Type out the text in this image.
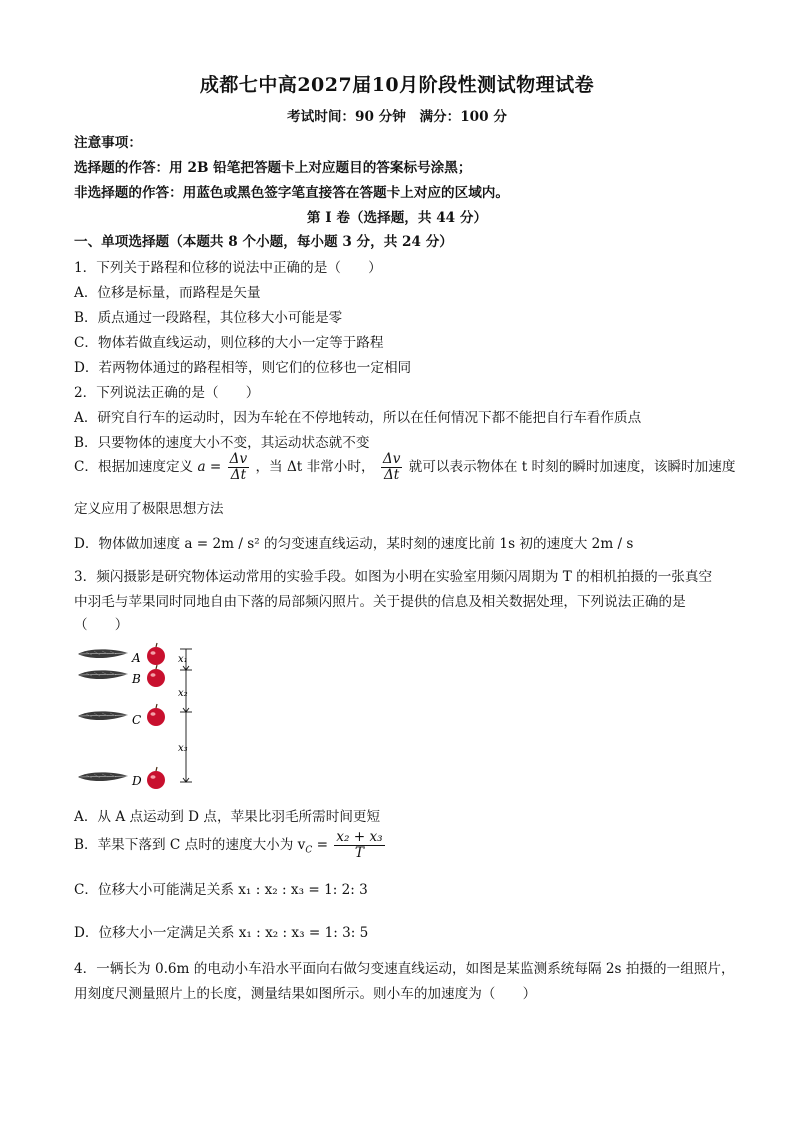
成都七中高2027届10月阶段性测试物理试卷
考试时间：90 分钟　满分：100 分
注意事项：
选择题的作答：用 2B 铅笔把答题卡上对应题目的答案标号涂黑；
非选择题的作答：用蓝色或黑色签字笔直接答在答题卡上对应的区域内。
第 I 卷（选择题，共 44 分）
一、单项选择题（本题共 8 个小题，每小题 3 分，共 24 分）
1．下列关于路程和位移的说法中正确的是（　　）
A．位移是标量，而路程是矢量
B．质点通过一段路程，其位移大小可能是零
C．物体若做直线运动，则位移的大小一定等于路程
D．若两物体通过的路程相等，则它们的位移也一定相同
2．下列说法正确的是（　　）
A．研究自行车的运动时，因为车轮在不停地转动，所以在任何情况下都不能把自行车看作质点
B．只要物体的速度大小不变，其运动状态就不变
C．根据加速度定义 $a = \frac{\Delta v}{\Delta t}$ ，当 Δt 非常小时， $\frac{\Delta v}{\Delta t}$ 就可以表示物体在 t 时刻的瞬时加速度，该瞬时加速度
定义应用了极限思想方法
D．物体做加速度 a = 2m / s² 的匀变速直线运动，某时刻的速度比前 1s 初的速度大 2m / s
3．频闪摄影是研究物体运动常用的实验手段。如图为小明在实验室用频闪周期为 T 的相机拍摄的一张真空
中羽毛与苹果同时同地自由下落的局部频闪照片。关于提供的信息及相关数据处理，下列说法正确的是
（　　）
A
B
C
D
x₁
x₂
x₃
A．从 A 点运动到 D 点，苹果比羽毛所需时间更短
B．苹果下落到 C 点时的速度大小为 $v_C = \frac{\text{x₂ + x₃}}{T}$
C．位移大小可能满足关系 x₁ : x₂ : x₃ = 1: 2: 3
D．位移大小一定满足关系 x₁ : x₂ : x₃ = 1: 3: 5
4．一辆长为 0.6m 的电动小车沿水平面向右做匀变速直线运动，如图是某监测系统每隔 2s 拍摄的一组照片，
用刻度尺测量照片上的长度，测量结果如图所示。则小车的加速度为（　　）
